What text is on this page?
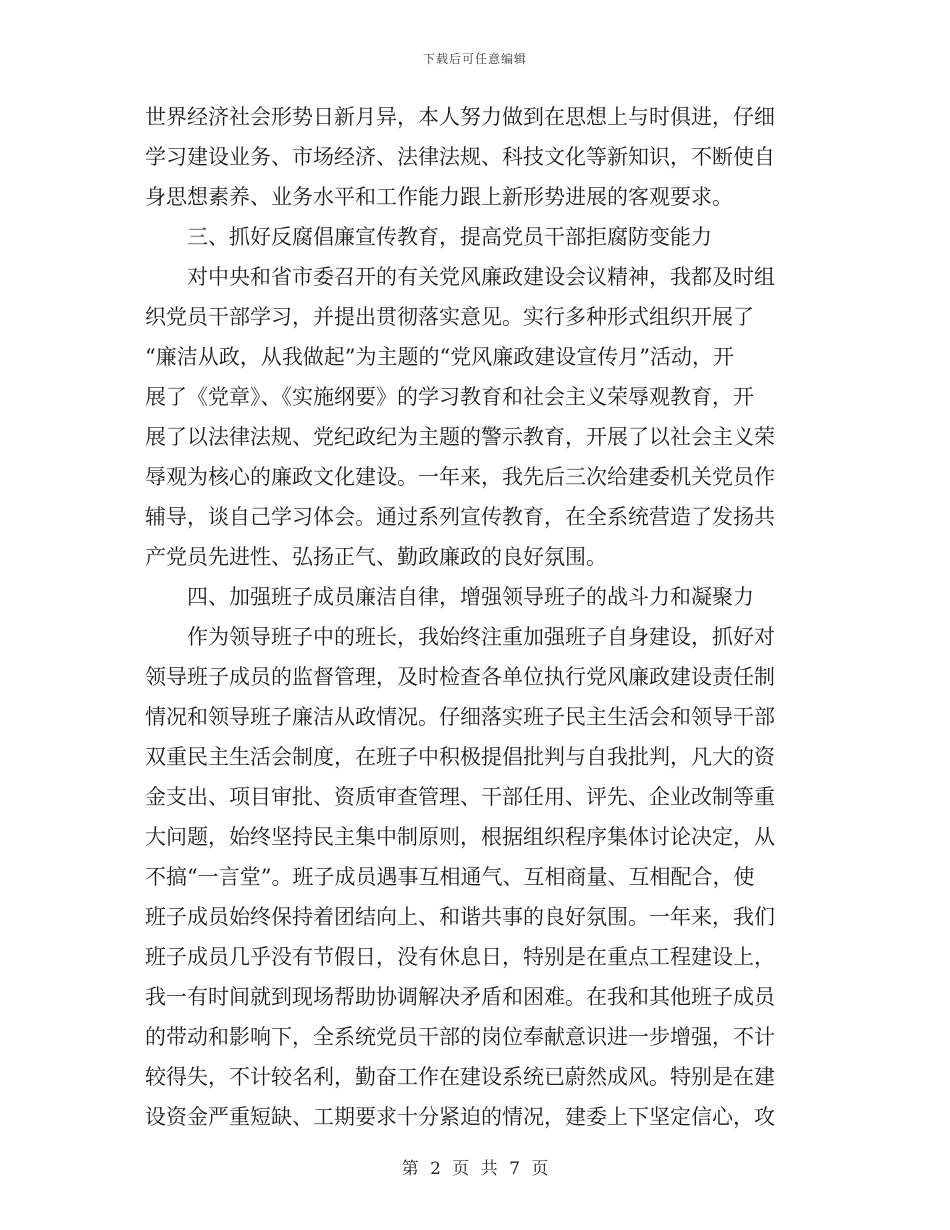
下载后可任意编辑
世界经济社会形势日新月异，本人努力做到在思想上与时俱进，仔细
学习建设业务、市场经济、法律法规、科技文化等新知识，不断使自
身思想素养、业务水平和工作能力跟上新形势进展的客观要求。
三、抓好反腐倡廉宣传教育，提高党员干部拒腐防变能力
对中央和省市委召开的有关党风廉政建设会议精神，我都及时组
织党员干部学习，并提出贯彻落实意见。实行多种形式组织开展了
“廉洁从政，从我做起”为主题的“党风廉政建设宣传月”活动，开
展了《党章》、《实施纲要》的学习教育和社会主义荣辱观教育，开
展了以法律法规、党纪政纪为主题的警示教育，开展了以社会主义荣
辱观为核心的廉政文化建设。一年来，我先后三次给建委机关党员作
辅导，谈自己学习体会。通过系列宣传教育，在全系统营造了发扬共
产党员先进性、弘扬正气、勤政廉政的良好氛围。
四、加强班子成员廉洁自律，增强领导班子的战斗力和凝聚力
作为领导班子中的班长，我始终注重加强班子自身建设，抓好对
领导班子成员的监督管理，及时检查各单位执行党风廉政建设责任制
情况和领导班子廉洁从政情况。仔细落实班子民主生活会和领导干部
双重民主生活会制度，在班子中积极提倡批判与自我批判，凡大的资
金支出、项目审批、资质审查管理、干部任用、评先、企业改制等重
大问题，始终坚持民主集中制原则，根据组织程序集体讨论决定，从
不搞“一言堂”。班子成员遇事互相通气、互相商量、互相配合，使
班子成员始终保持着团结向上、和谐共事的良好氛围。一年来，我们
班子成员几乎没有节假日，没有休息日，特别是在重点工程建设上，
我一有时间就到现场帮助协调解决矛盾和困难。在我和其他班子成员
的带动和影响下，全系统党员干部的岗位奉献意识进一步增强，不计
较得失，不计较名利，勤奋工作在建设系统已蔚然成风。特别是在建
设资金严重短缺、工期要求十分紧迫的情况，建委上下坚定信心，攻
第 2 页 共 7 页
